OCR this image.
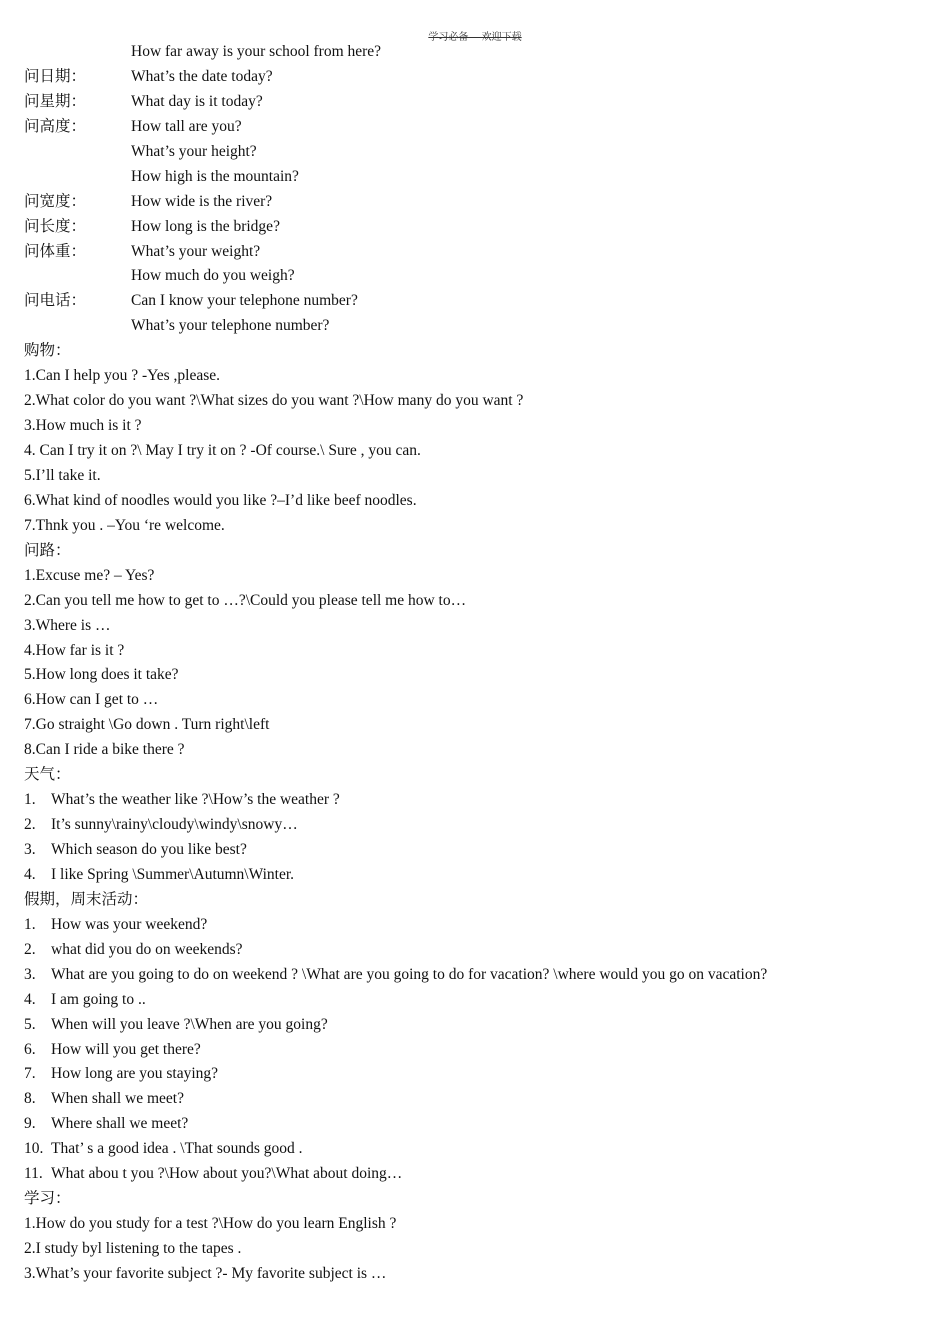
学习必备----欢迎下载
How far away is your school from here?
问日期：	What’s the date today?
问星期：	What day is it today?
问高度：	How tall are you?
What’s your height?
How high is the mountain?
问宽度：	How wide is the river?
问长度：	How long is the bridge?
问体重：	What’s your weight?
How much do you weigh?
问电话：	Can I know your telephone number?
What’s your telephone number?
购物：
1.Can I help you ? -Yes ,please.
2.What color do you want ?\What sizes do you want ?\How many do you want ?
3.How much is it ?
4. Can I try it on ?\ May I try it on ? -Of course.\ Sure , you can.
5.I’ll take it.
6.What kind of noodles would you like ?–I’d like beef noodles.
7.Thnk you . –You ‘re welcome.
问路：
1.Excuse me? – Yes?
2.Can you tell me how to get to …?\Could you please tell me how to…
3.Where is …
4.How far is it ?
5.How long does it take?
6.How can I get to …
7.Go straight \Go down . Turn right\left
8.Can I ride a bike there ?
天气：
1. What’s the weather like ?\How’s the weather ?
2. It’s sunny\rainy\cloudy\windy\snowy…
3. Which season do you like best?
4. I like Spring \Summer\Autumn\Winter.
假期，周末活动：
1. How was your weekend?
2. what did you do on weekends?
3. What are you going to do on weekend ? \What are you going to do for vacation? \where would you go on vacation?
4. I am going to ..
5. When will you leave ?\When are you going?
6. How will you get there?
7. How long are you staying?
8. When shall we meet?
9. Where shall we meet?
10. That’ s a good idea . \That sounds good .
11. What abou t you ?\How about you?\What about doing…
学习：
1.How do you study for a test ?\How do you learn English ?
2.I study byl listening to the tapes .
3.What’s your favorite subject ?- My favorite subject is …
